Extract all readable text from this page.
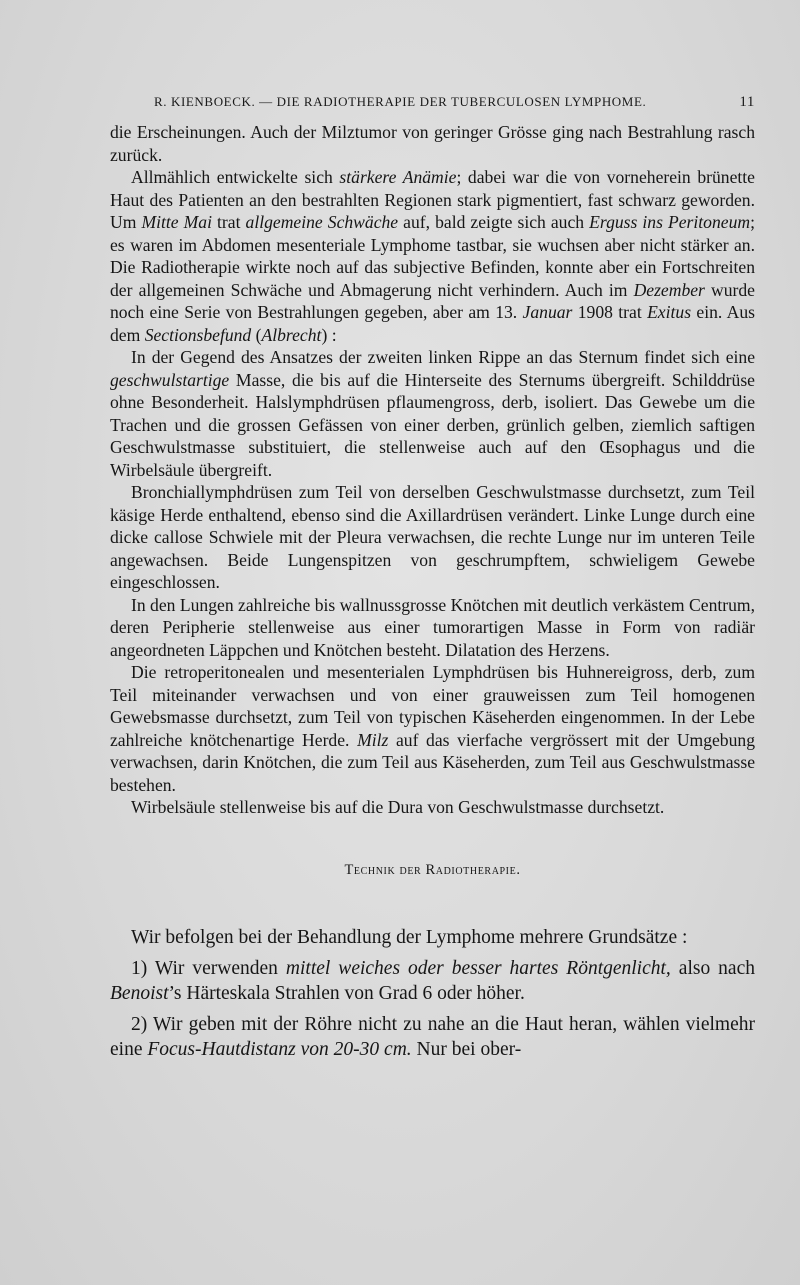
R. KIENBOECK. — DIE RADIOTHERAPIE DER TUBERCULOSEN LYMPHOME.	11

die Erscheinungen. Auch der Milztumor von geringer Grösse ging nach Bestrahlung rasch zurück.

Allmählich entwickelte sich stärkere Anämie; dabei war die von vorneherein brünette Haut des Patienten an den bestrahlten Regionen stark pigmentiert, fast schwarz geworden. Um Mitte Mai trat allgemeine Schwäche auf, bald zeigte sich auch Erguss ins Peritoneum; es waren im Abdomen mesenteriale Lymphome tastbar, sie wuchsen aber nicht stärker an. Die Radiotherapie wirkte noch auf das subjective Befinden, konnte aber ein Fortschreiten der allgemeinen Schwäche und Abmagerung nicht verhindern. Auch im Dezember wurde noch eine Serie von Bestrahlungen gegeben, aber am 13. Januar 1908 trat Exitus ein. Aus dem Sectionsbefund (Albrecht) :

In der Gegend des Ansatzes der zweiten linken Rippe an das Sternum findet sich eine geschwulstartige Masse, die bis auf die Hinterseite des Sternums übergreift. Schilddrüse ohne Besonderheit. Halslymphdrüsen pflaumengross, derb, isoliert. Das Gewebe um die Trachen und die grossen Gefässen von einer derben, grünlich gelben, ziemlich saftigen Geschwulstmasse substituiert, die stellenweise auch auf den Œsophagus und die Wirbelsäule übergreift.

Bronchiallymphdrüsen zum Teil von derselben Geschwulstmasse durchsetzt, zum Teil käsige Herde enthaltend, ebenso sind die Axillardrüsen verändert. Linke Lunge durch eine dicke callose Schwiele mit der Pleura verwachsen, die rechte Lunge nur im unteren Teile angewachsen. Beide Lungenspitzen von geschrumpftem, schwieligem Gewebe eingeschlossen.

In den Lungen zahlreiche bis wallnussgrosse Knötchen mit deutlich verkästem Centrum, deren Peripherie stellenweise aus einer tumorartigen Masse in Form von radiär angeordneten Läppchen und Knötchen besteht. Dilatation des Herzens.

Die retroperitonealen und mesenterialen Lymphdrüsen bis Huhnereigross, derb, zum Teil miteinander verwachsen und von einer grauweissen zum Teil homogenen Gewebsmasse durchsetzt, zum Teil von typischen Käseherden eingenommen. In der Lebe zahlreiche knötchenartige Herde. Milz auf das vierfache vergrössert mit der Umgebung verwachsen, darin Knötchen, die zum Teil aus Käseherden, zum Teil aus Geschwulstmasse bestehen.

Wirbelsäule stellenweise bis auf die Dura von Geschwulstmasse durchsetzt.

Technik der Radiotherapie.

Wir befolgen bei der Behandlung der Lymphome mehrere Grundsätze :

1) Wir verwenden mittel weiches oder besser hartes Röntgenlicht, also nach Benoist’s Härteskala Strahlen von Grad 6 oder höher.

2) Wir geben mit der Röhre nicht zu nahe an die Haut heran, wählen vielmehr eine Focus-Hautdistanz von 20-30 cm. Nur bei ober-
